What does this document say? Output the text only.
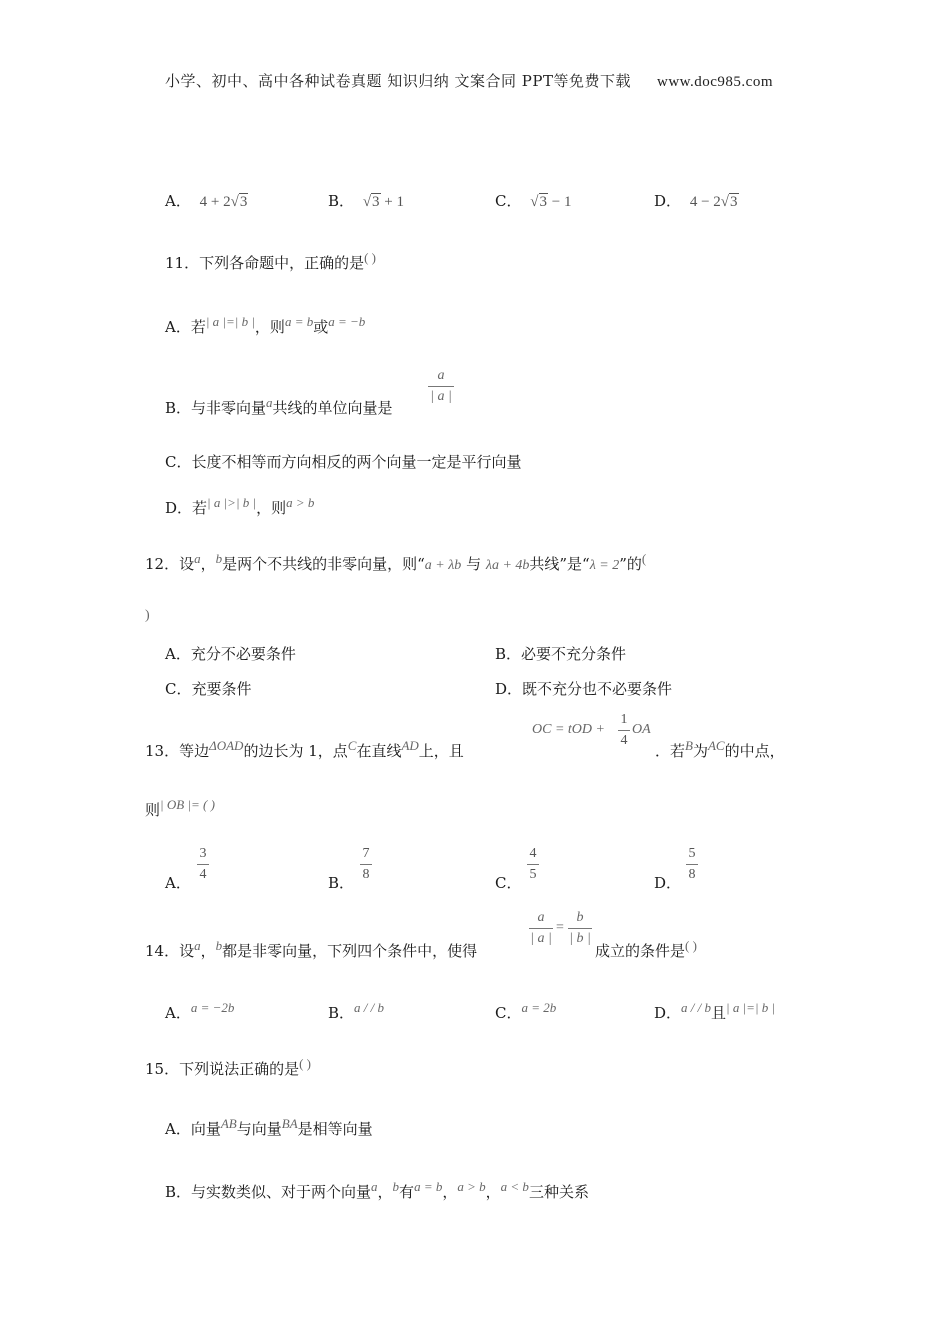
小学、初中、高中各种试卷真题 知识归纳 文案合同 PPT等免费下载 www.doc985.com
A． 4 + 2√3	B． √3 + 1	C． √3 − 1	D． 4 − 2√3
11．下列各命题中，正确的是( )
A．若| a |=| b |，则a = b或a = −b
B．与非零向量a共线的单位向量是
a
| a |
C．长度不相等而方向相反的两个向量一定是平行向量
D．若| a |>| b |，则a > b
12．设a，b是两个不共线的非零向量，则“a + λb 与 λa + 4b共线”是“λ = 2”的(
)
A．充分不必要条件	B．必要不充分条件
C．充要条件	D．既不充分也不必要条件
13．等边ΔOAD的边长为 1，点C在直线AD上，且
OC = tOD +
1
4
OA
．若B为AC的中点，
则| OB |= ( )
A．
3
4	B．
7
8	C．
4
5	D．
5
8
14．设a，b都是非零向量，下列四个条件中，使得
a
| a |
=
b
| b |
成立的条件是( )
A．a = −2b	B．a / / b	C．a = 2b	D．a / / b且| a |=| b |
15．下列说法正确的是( )
A．向量AB与向量BA是相等向量
B．与实数类似、对于两个向量a，b有a = b，a > b，a < b三种关系
